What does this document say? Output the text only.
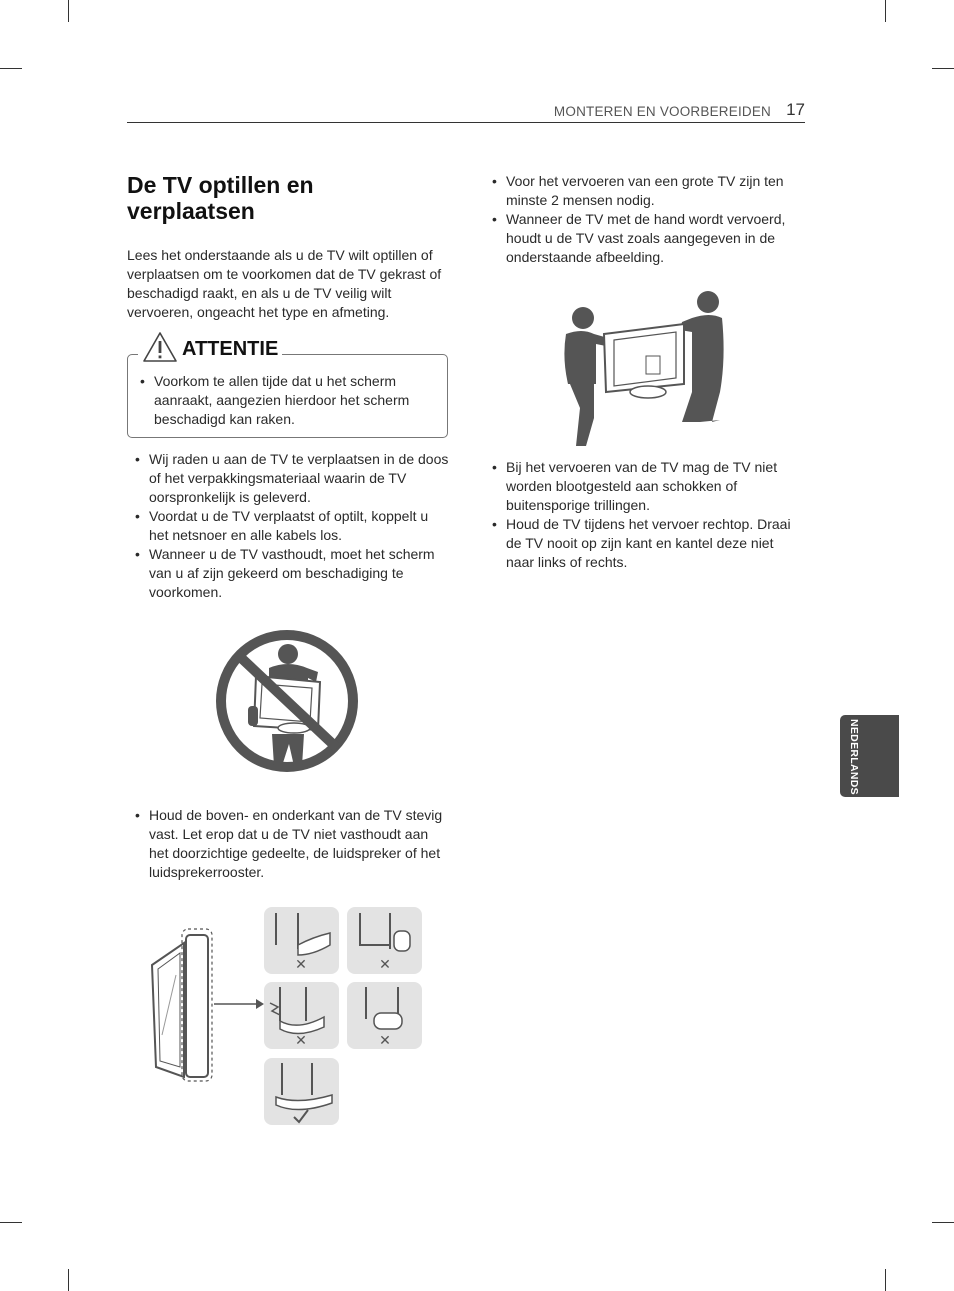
MONTEREN EN VOORBEREIDEN 17
De TV optillen en verplaatsen

Lees het onderstaande als u de TV wilt optillen of verplaatsen om te voorkomen dat de TV gekrast of beschadigd raakt, en als u de TV veilig wilt vervoeren, ongeacht het type en afmeting.

ATTENTIE
• Voorkom te allen tijde dat u het scherm aanraakt, aangezien hierdoor het scherm beschadigd kan raken.
• Wij raden u aan de TV te verplaatsen in de doos of het verpakkingsmateriaal waarin de TV oorspronkelijk is geleverd.
• Voordat u de TV verplaatst of optilt, koppelt u het netsnoer en alle kabels los.
• Wanneer u de TV vasthoudt, moet het scherm van u af zijn gekeerd om beschadiging te voorkomen.
• Houd de boven- en onderkant van de TV stevig vast. Let erop dat u de TV niet vasthoudt aan het doorzichtige gedeelte, de luidspreker of het luidsprekerrooster.
✕	✕
✕	✕
• Voor het vervoeren van een grote TV zijn ten minste 2 mensen nodig.
• Wanneer de TV met de hand wordt vervoerd, houdt u de TV vast zoals aangegeven in de onderstaande afbeelding.
• Bij het vervoeren van de TV mag de TV niet worden blootgesteld aan schokken of buitensporige trillingen.
• Houd de TV tijdens het vervoer rechtop. Draai de TV nooit op zijn kant en kantel deze niet naar links of rechts.
NEDERLANDS
